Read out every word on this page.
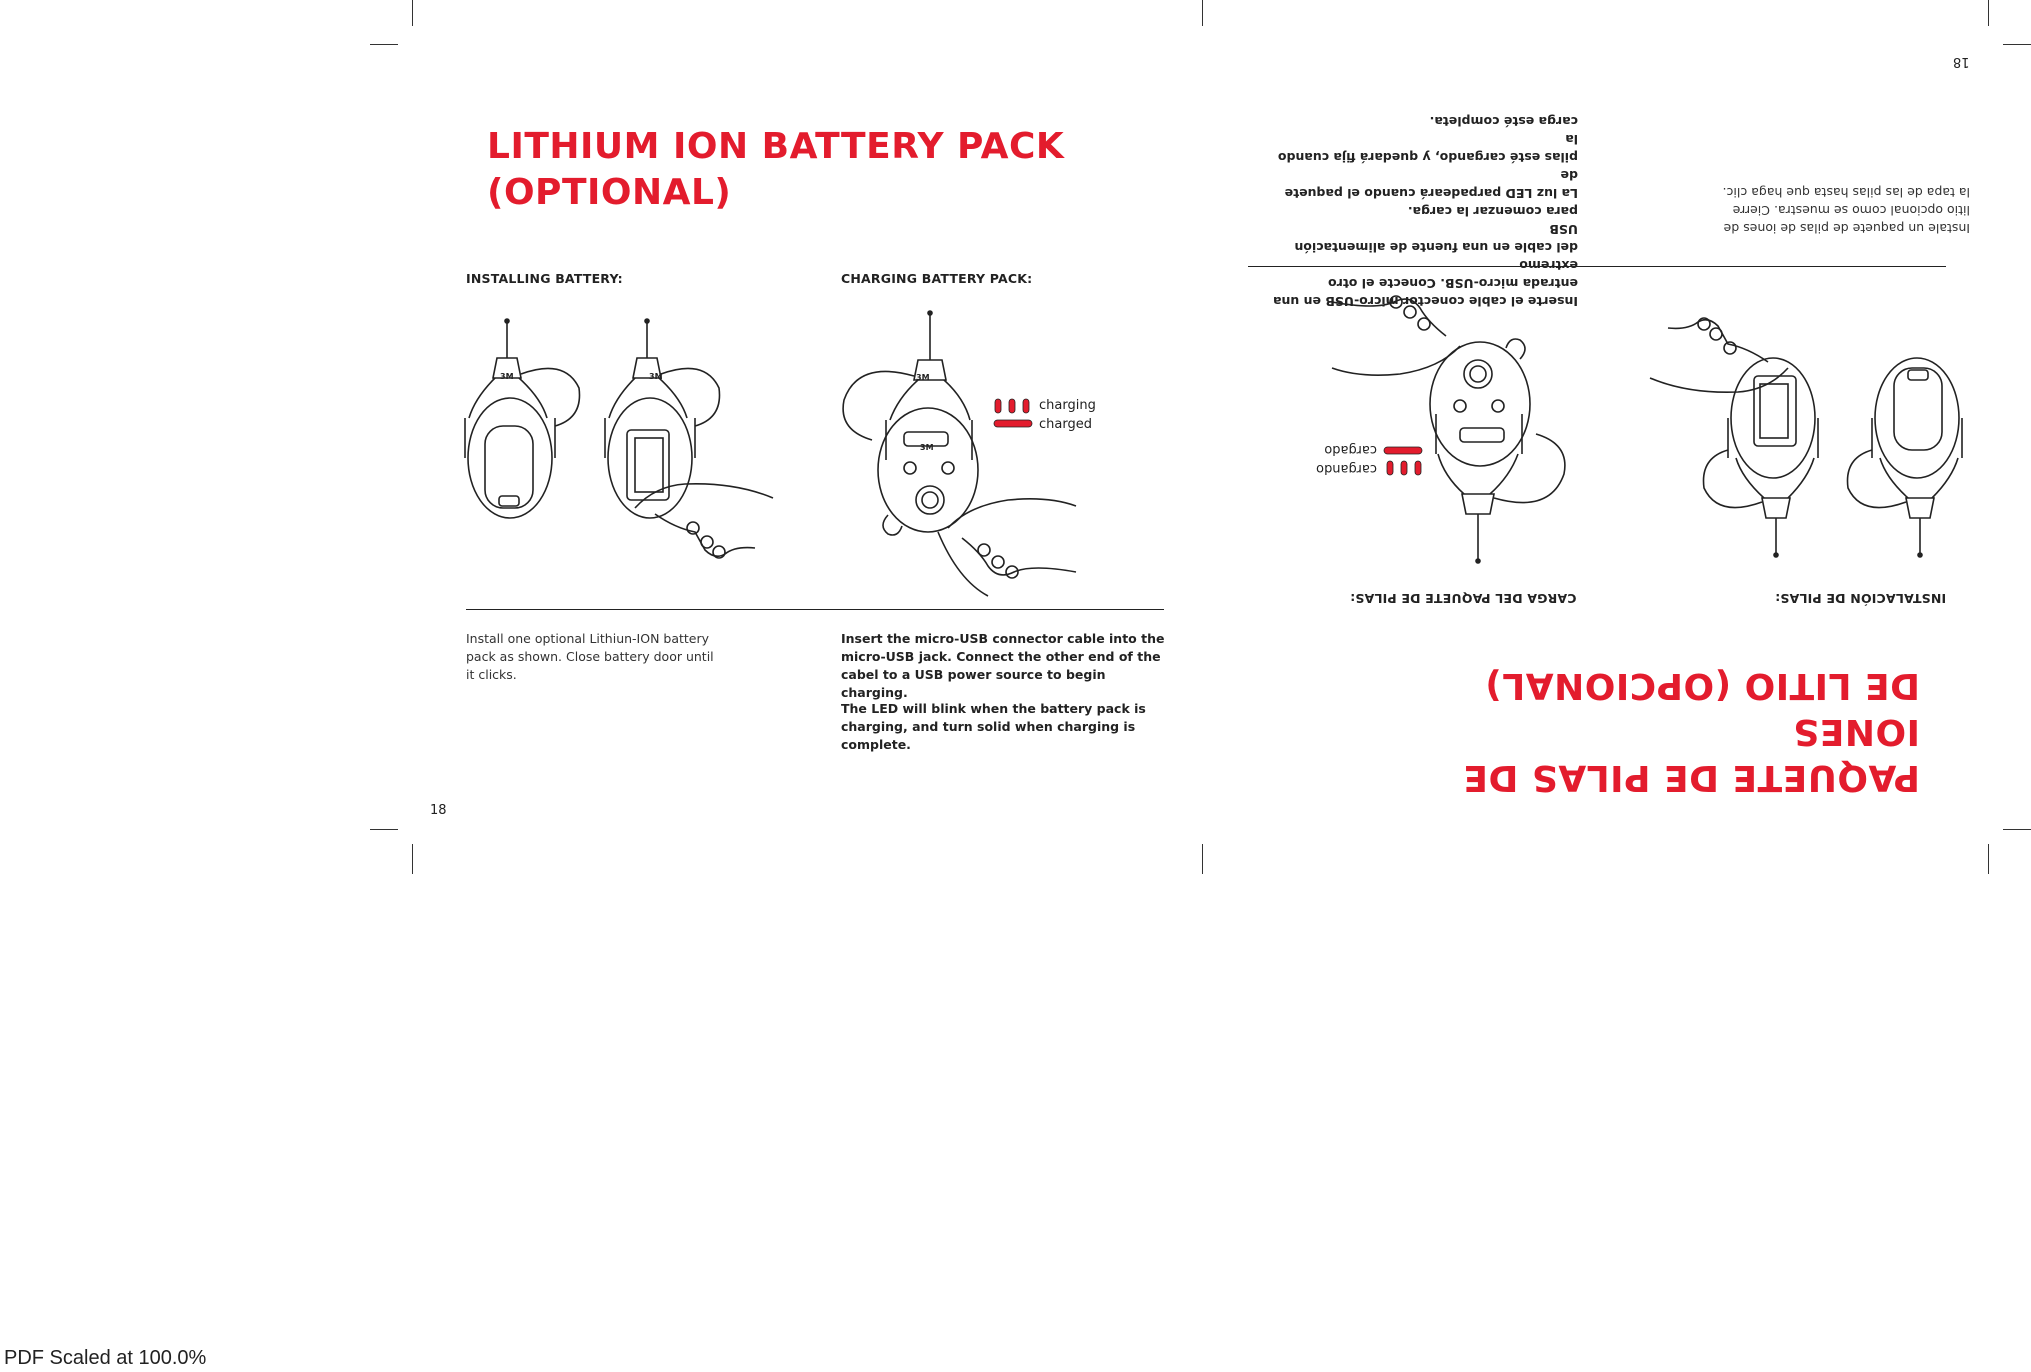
LITHIUM ION BATTERY PACK
(OPTIONAL)
INSTALLING BATTERY:	CHARGING BATTERY PACK:
3M	3M	3M
3M
charging
charged
Install one optional Lithiun-ION battery
pack as shown. Close battery door until
it clicks.
Insert the micro-USB connector cable into the
micro-USB jack. Connect the other end of the
cabel to a USB power source to begin charging.
The LED will blink when the battery pack is
charging, and turn solid when charging is
complete.
18
PAQUETE DE PILAS DE IONES
DE LITIO (OPCIONAL)
INSTALACIÓN DE PILAS:
CARGA DEL PAQUETE DE PILAS:
Instale un paquete de pilas de iones de
litio opcional como se muestra. Cierre
la tapa de las pilas hasta que haga clic.
Inserte el cable conector micro-USB en una
entrada micro-USB. Conecte el otro extremo
del cable en una fuente de alimentación USB
para comenzar la carga.
La luz LED parpadeará cuando el paquete de
pilas esté cargando, y quedará fija cuando la
carga esté completa.
18
cargando
cargado
PDF Scaled at 100.0%
